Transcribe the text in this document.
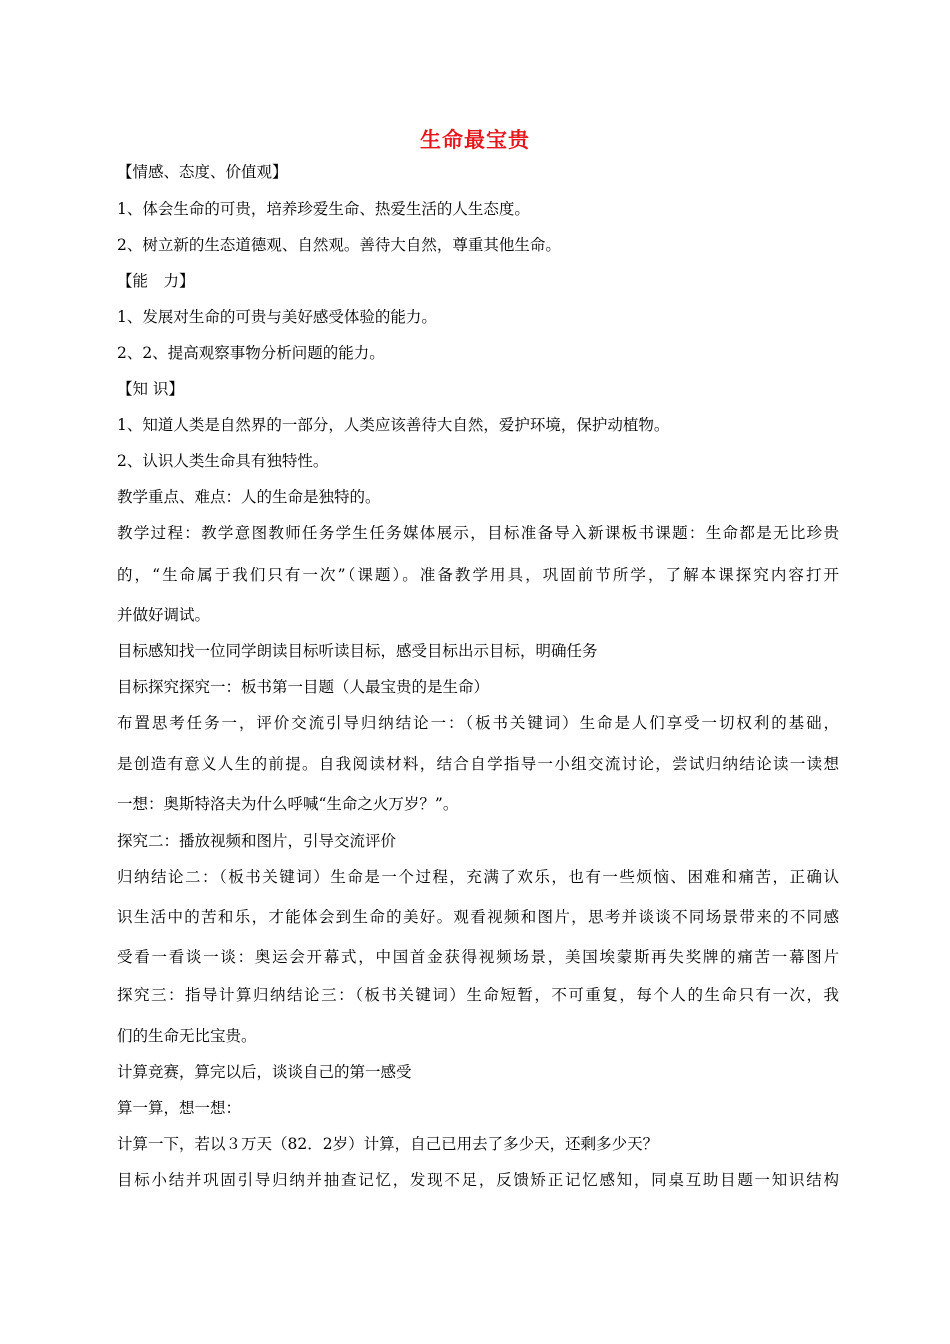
生命最宝贵
【情感、态度、价值观】
1、体会生命的可贵，培养珍爱生命、热爱生活的人生态度。
2、树立新的生态道德观、自然观。善待大自然，尊重其他生命。
【能　力】
1、发展对生命的可贵与美好感受体验的能力。
2、2、提高观察事物分析问题的能力。
【知 识】
1、知道人类是自然界的一部分，人类应该善待大自然，爱护环境，保护动植物。
2、认识人类生命具有独特性。
教学重点、难点：人的生命是独特的。
教学过程：教学意图教师任务学生任务媒体展示，目标准备导入新课板书课题：生命都是无比珍贵
的，“生命属于我们只有一次”（课题）。准备教学用具，巩固前节所学，了解本课探究内容打开
并做好调试。
目标感知找一位同学朗读目标听读目标，感受目标出示目标，明确任务
目标探究探究一：板书第一目题（人最宝贵的是生命）
布置思考任务一，评价交流引导归纳结论一：（板书关键词）生命是人们享受一切权利的基础，
是创造有意义人生的前提。自我阅读材料，结合自学指导一小组交流讨论，尝试归纳结论读一读想
一想：奥斯特洛夫为什么呼喊“生命之火万岁？”。
探究二：播放视频和图片，引导交流评价
归纳结论二：（板书关键词）生命是一个过程，充满了欢乐，也有一些烦恼、困难和痛苦，正确认
识生活中的苦和乐，才能体会到生命的美好。观看视频和图片，思考并谈谈不同场景带来的不同感
受看一看谈一谈：奥运会开幕式，中国首金获得视频场景，美国埃蒙斯再失奖牌的痛苦一幕图片
探究三：指导计算归纳结论三：（板书关键词）生命短暂，不可重复，每个人的生命只有一次，我
们的生命无比宝贵。
计算竞赛，算完以后，谈谈自己的第一感受
算一算，想一想：
计算一下，若以３万天（82．2岁）计算，自己已用去了多少天，还剩多少天？
目标小结并巩固引导归纳并抽查记忆，发现不足，反馈矫正记忆感知，同桌互助目题一知识结构
